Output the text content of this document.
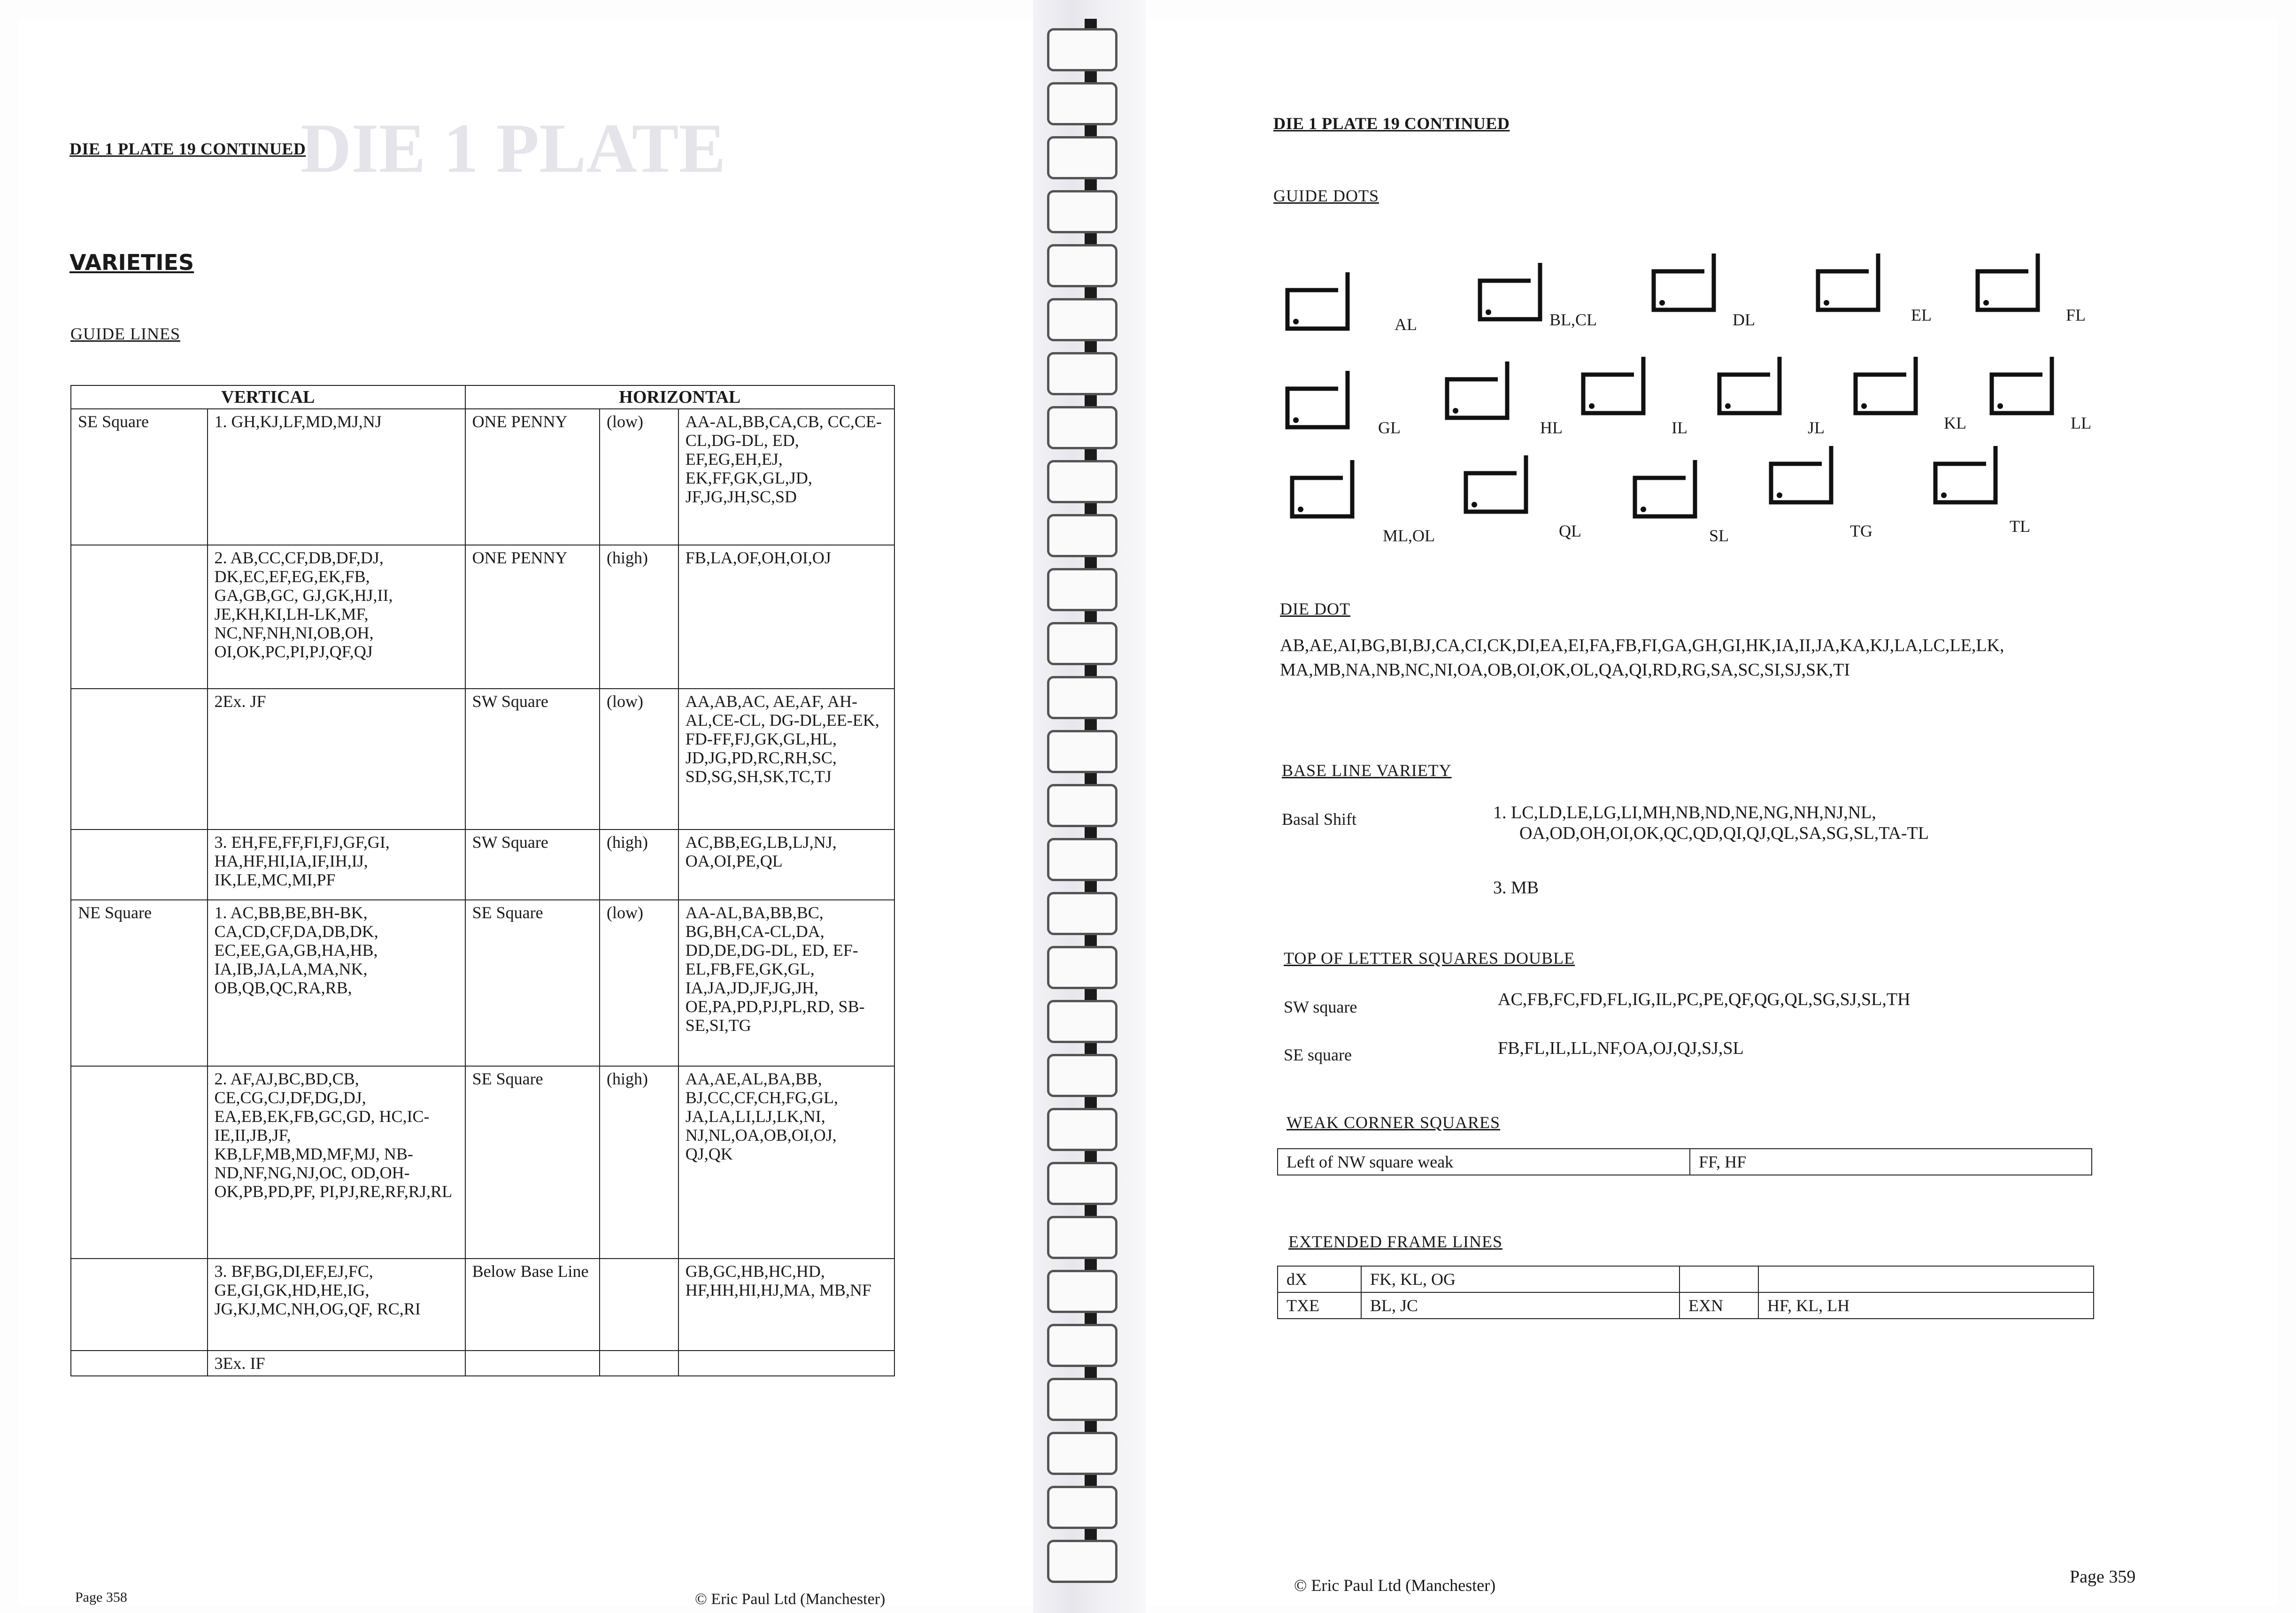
DIE 1 PLATE
DIE 1 PLATE 19 CONTINUED
VARIETIES
GUIDE LINES
VERTICAL		HORIZONTAL		
SE Square	1. GH,KJ,LF,MD,MJ,NJ	ONE PENNY	(low)	AA-AL,BB,CA,CB, CC,CE-CL,DG-DL, ED, EF,EG,EH,EJ, EK,FF,GK,GL,JD, JF,JG,JH,SC,SD
	2. AB,CC,CF,DB,DF,DJ, DK,EC,EF,EG,EK,FB, GA,GB,GC, GJ,GK,HJ,II, JE,KH,KI,LH-LK,MF, NC,NF,NH,NI,OB,OH, OI,OK,PC,PI,PJ,QF,QJ	ONE PENNY	(high)	FB,LA,OF,OH,OI,OJ
	2Ex. JF	SW Square	(low)	AA,AB,AC, AE,AF, AH-AL,CE-CL, DG-DL,EE-EK, FD-FF,FJ,GK,GL,HL, JD,JG,PD,RC,RH,SC, SD,SG,SH,SK,TC,TJ
	3. EH,FE,FF,FI,FJ,GF,GI, HA,HF,HI,IA,IF,IH,IJ, IK,LE,MC,MI,PF	SW Square	(high)	AC,BB,EG,LB,LJ,NJ, OA,OI,PE,QL
NE Square	1. AC,BB,BE,BH-BK, CA,CD,CF,DA,DB,DK, EC,EE,GA,GB,HA,HB, IA,IB,JA,LA,MA,NK, OB,QB,QC,RA,RB,	SE Square	(low)	AA-AL,BA,BB,BC, BG,BH,CA-CL,DA, DD,DE,DG-DL, ED, EF-EL,FB,FE,GK,GL, IA,JA,JD,JF,JG,JH, OE,PA,PD,PJ,PL,RD, SB-SE,SI,TG
	2. AF,AJ,BC,BD,CB, CE,CG,CJ,DF,DG,DJ, EA,EB,EK,FB,GC,GD, HC,IC-IE,II,JB,JF, KB,LF,MB,MD,MF,MJ, NB-ND,NF,NG,NJ,OC, OD,OH-OK,PB,PD,PF, PI,PJ,RE,RF,RJ,RL	SE Square	(high)	AA,AE,AL,BA,BB, BJ,CC,CF,CH,FG,GL, JA,LA,LI,LJ,LK,NI, NJ,NL,OA,OB,OI,OJ, QJ,QK
	3. BF,BG,DI,EF,EJ,FC, GE,GI,GK,HD,HE,IG, JG,KJ,MC,NH,OG,QF, RC,RI	Below Base Line		GB,GC,HB,HC,HD, HF,HH,HI,HJ,MA, MB,NF
	3Ex. IF			
Page 358	© Eric Paul Ltd (Manchester)
DIE 1 PLATE 19 CONTINUED
GUIDE DOTS
AL	BL,CL	DL	EL	FL
GL	HL	IL	JL	KL	LL
ML,OL	QL	SL	TG	TL
DIE DOT
AB,AE,AI,BG,BI,BJ,CA,CI,CK,DI,EA,EI,FA,FB,FI,GA,GH,GI,HK,IA,II,JA,KA,KJ,LA,LC,LE,LK,
MA,MB,NA,NB,NC,NI,OA,OB,OI,OK,OL,QA,QI,RD,RG,SA,SC,SI,SJ,SK,TI
BASE LINE VARIETY
Basal Shift	1. LC,LD,LE,LG,LI,MH,NB,ND,NE,NG,NH,NJ,NL,
OA,OD,OH,OI,OK,QC,QD,QI,QJ,QL,SA,SG,SL,TA-TL
3. MB
TOP OF LETTER SQUARES DOUBLE
SW square	AC,FB,FC,FD,FL,IG,IL,PC,PE,QF,QG,QL,SG,SJ,SL,TH
SE square	FB,FL,IL,LL,NF,OA,OJ,QJ,SJ,SL
WEAK CORNER SQUARES
Left of NW square weak	FF, HF
EXTENDED FRAME LINES
dX	FK, KL, OG		
TXE	BL, JC	EXN	HF, KL, LH
© Eric Paul Ltd (Manchester)	Page 359
